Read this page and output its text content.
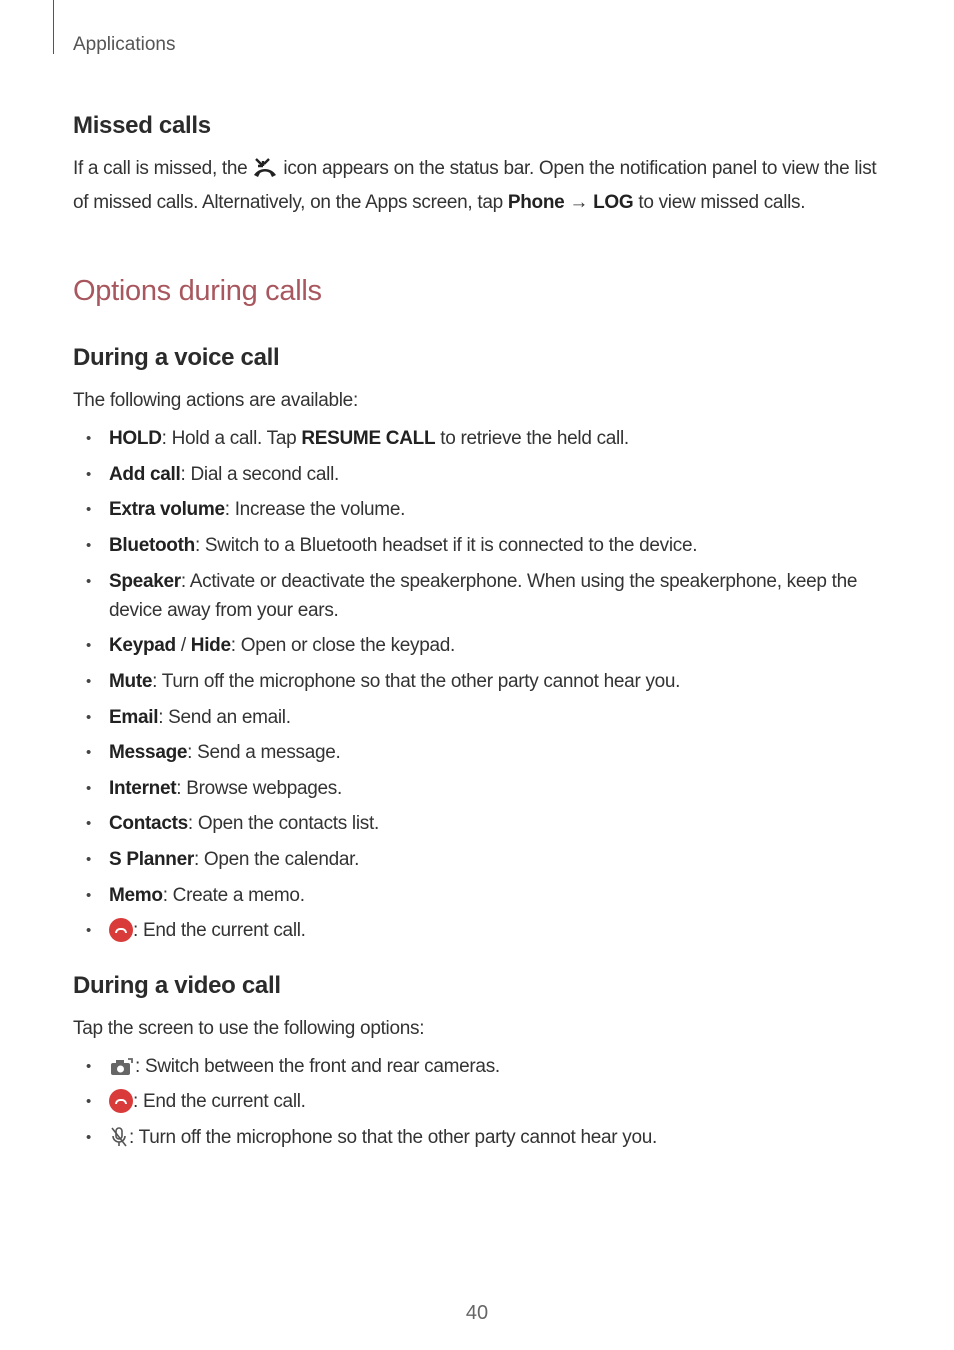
Applications
Missed calls
If a call is missed, the icon appears on the status bar. Open the notification panel to view the list of missed calls. Alternatively, on the Apps screen, tap Phone → LOG to view missed calls.
Options during calls
During a voice call
The following actions are available:
• HOLD: Hold a call. Tap RESUME CALL to retrieve the held call.
• Add call: Dial a second call.
• Extra volume: Increase the volume.
• Bluetooth: Switch to a Bluetooth headset if it is connected to the device.
• Speaker: Activate or deactivate the speakerphone. When using the speakerphone, keep the device away from your ears.
• Keypad / Hide: Open or close the keypad.
• Mute: Turn off the microphone so that the other party cannot hear you.
• Email: Send an email.
• Message: Send a message.
• Internet: Browse webpages.
• Contacts: Open the contacts list.
• S Planner: Open the calendar.
• Memo: Create a memo.
•	: End the current call.
During a video call
Tap the screen to use the following options:
•	: Switch between the front and rear cameras.
•	: End the current call.
•	: Turn off the microphone so that the other party cannot hear you.
40
